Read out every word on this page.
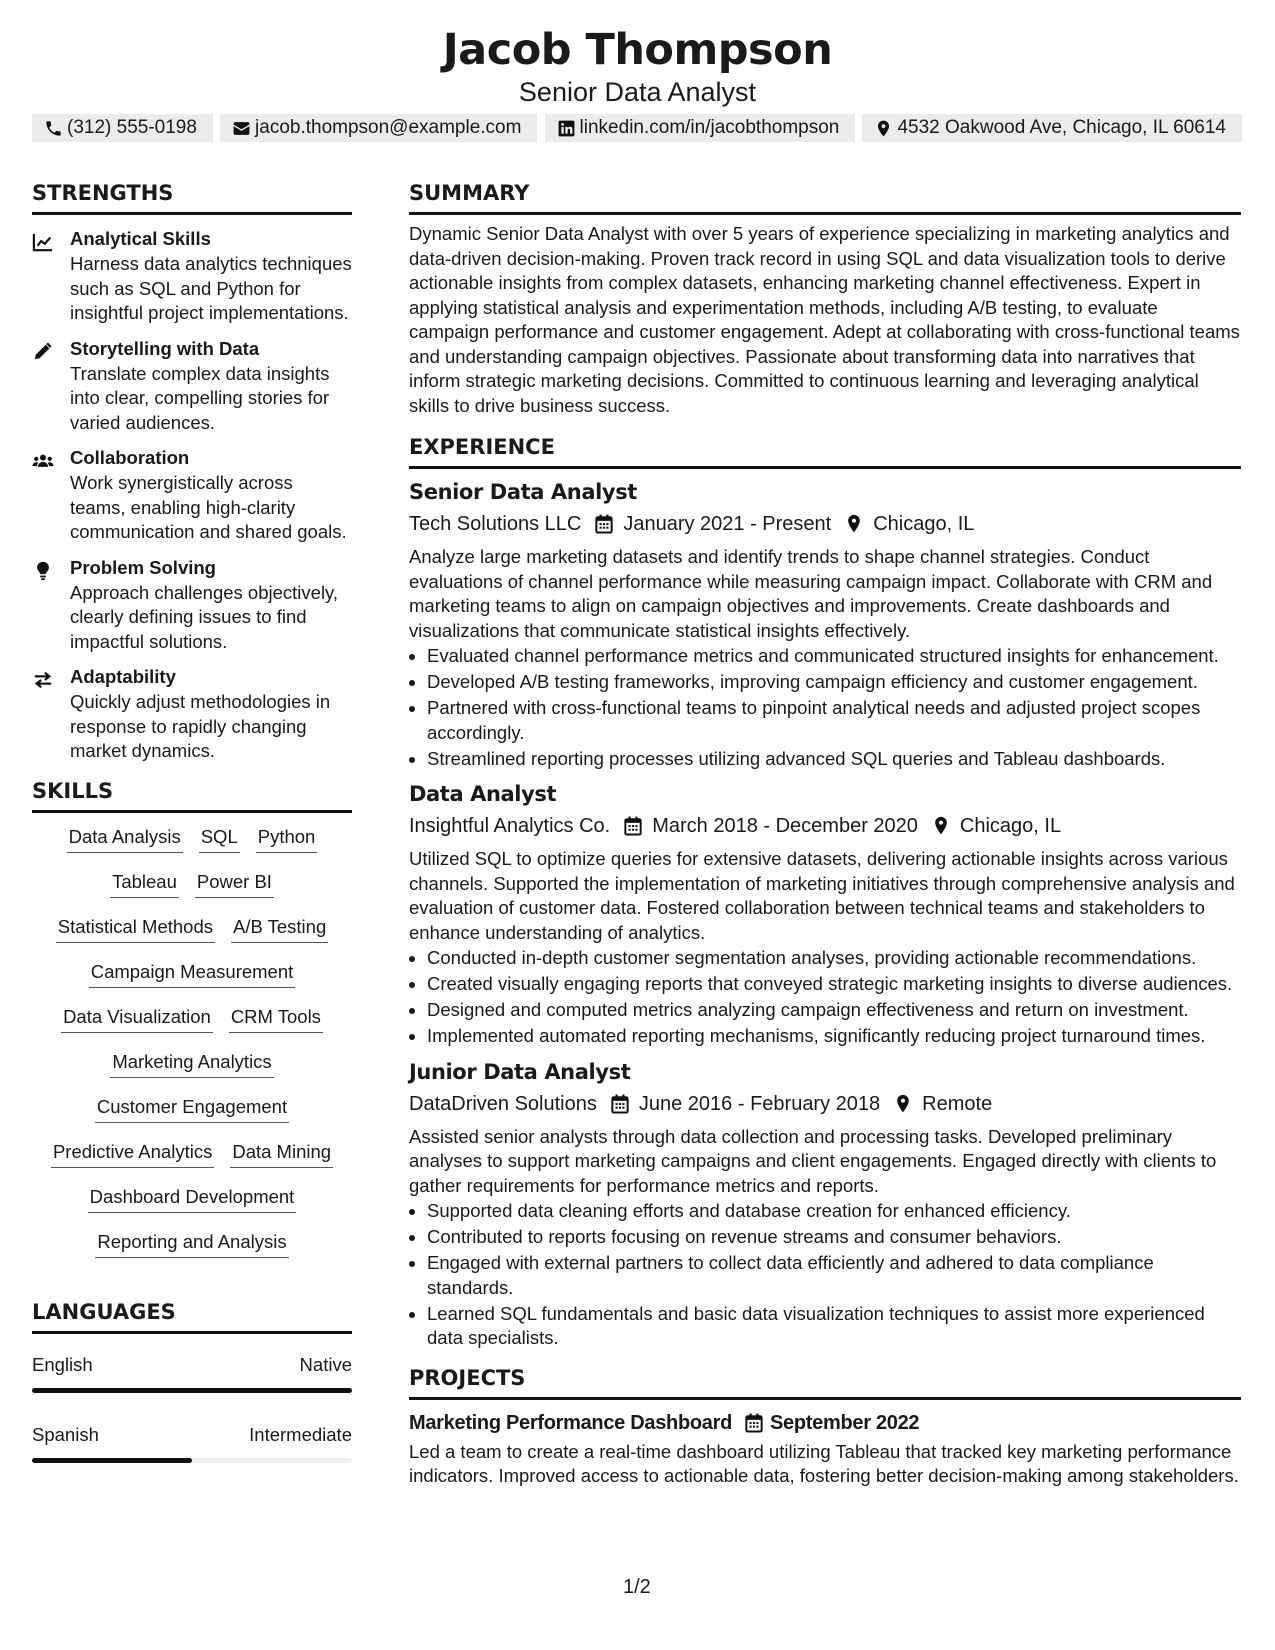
Jacob Thompson
Senior Data Analyst
(312) 555-0198	jacob.thompson@example.com	linkedin.com/in/jacobthompson	4532 Oakwood Ave, Chicago, IL 60614
STRENGTHS
Analytical Skills
Harness data analytics techniques such as SQL and Python for insightful project implementations.
Storytelling with Data
Translate complex data insights into clear, compelling stories for varied audiences.
Collaboration
Work synergistically across teams, enabling high-clarity communication and shared goals.
Problem Solving
Approach challenges objectively, clearly defining issues to find impactful solutions.
Adaptability
Quickly adjust methodologies in response to rapidly changing market dynamics.
SKILLS
Data Analysis SQL Python
Tableau Power BI
Statistical Methods A/B Testing
Campaign Measurement
Data Visualization CRM Tools
Marketing Analytics
Customer Engagement
Predictive Analytics Data Mining
Dashboard Development
Reporting and Analysis
LANGUAGES
English	Native
Spanish	Intermediate
SUMMARY
Dynamic Senior Data Analyst with over 5 years of experience specializing in marketing analytics and data-driven decision-making. Proven track record in using SQL and data visualization tools to derive actionable insights from complex datasets, enhancing marketing channel effectiveness. Expert in applying statistical analysis and experimentation methods, including A/B testing, to evaluate campaign performance and customer engagement. Adept at collaborating with cross-functional teams and understanding campaign objectives. Passionate about transforming data into narratives that inform strategic marketing decisions. Committed to continuous learning and leveraging analytical skills to drive business success.
EXPERIENCE
Senior Data Analyst
Tech Solutions LLC January 2021 - Present Chicago, IL
Analyze large marketing datasets and identify trends to shape channel strategies. Conduct evaluations of channel performance while measuring campaign impact. Collaborate with CRM and marketing teams to align on campaign objectives and improvements. Create dashboards and visualizations that communicate statistical insights effectively.
• Evaluated channel performance metrics and communicated structured insights for enhancement.
• Developed A/B testing frameworks, improving campaign efficiency and customer engagement.
• Partnered with cross-functional teams to pinpoint analytical needs and adjusted project scopes accordingly.
• Streamlined reporting processes utilizing advanced SQL queries and Tableau dashboards.
Data Analyst
Insightful Analytics Co. March 2018 - December 2020 Chicago, IL
Utilized SQL to optimize queries for extensive datasets, delivering actionable insights across various channels. Supported the implementation of marketing initiatives through comprehensive analysis and evaluation of customer data. Fostered collaboration between technical teams and stakeholders to enhance understanding of analytics.
• Conducted in-depth customer segmentation analyses, providing actionable recommendations.
• Created visually engaging reports that conveyed strategic marketing insights to diverse audiences.
• Designed and computed metrics analyzing campaign effectiveness and return on investment.
• Implemented automated reporting mechanisms, significantly reducing project turnaround times.
Junior Data Analyst
DataDriven Solutions June 2016 - February 2018 Remote
Assisted senior analysts through data collection and processing tasks. Developed preliminary analyses to support marketing campaigns and client engagements. Engaged directly with clients to gather requirements for performance metrics and reports.
• Supported data cleaning efforts and database creation for enhanced efficiency.
• Contributed to reports focusing on revenue streams and consumer behaviors.
• Engaged with external partners to collect data efficiently and adhered to data compliance standards.
• Learned SQL fundamentals and basic data visualization techniques to assist more experienced data specialists.
PROJECTS
Marketing Performance Dashboard September 2022
Led a team to create a real-time dashboard utilizing Tableau that tracked key marketing performance indicators. Improved access to actionable data, fostering better decision-making among stakeholders.
1/2
